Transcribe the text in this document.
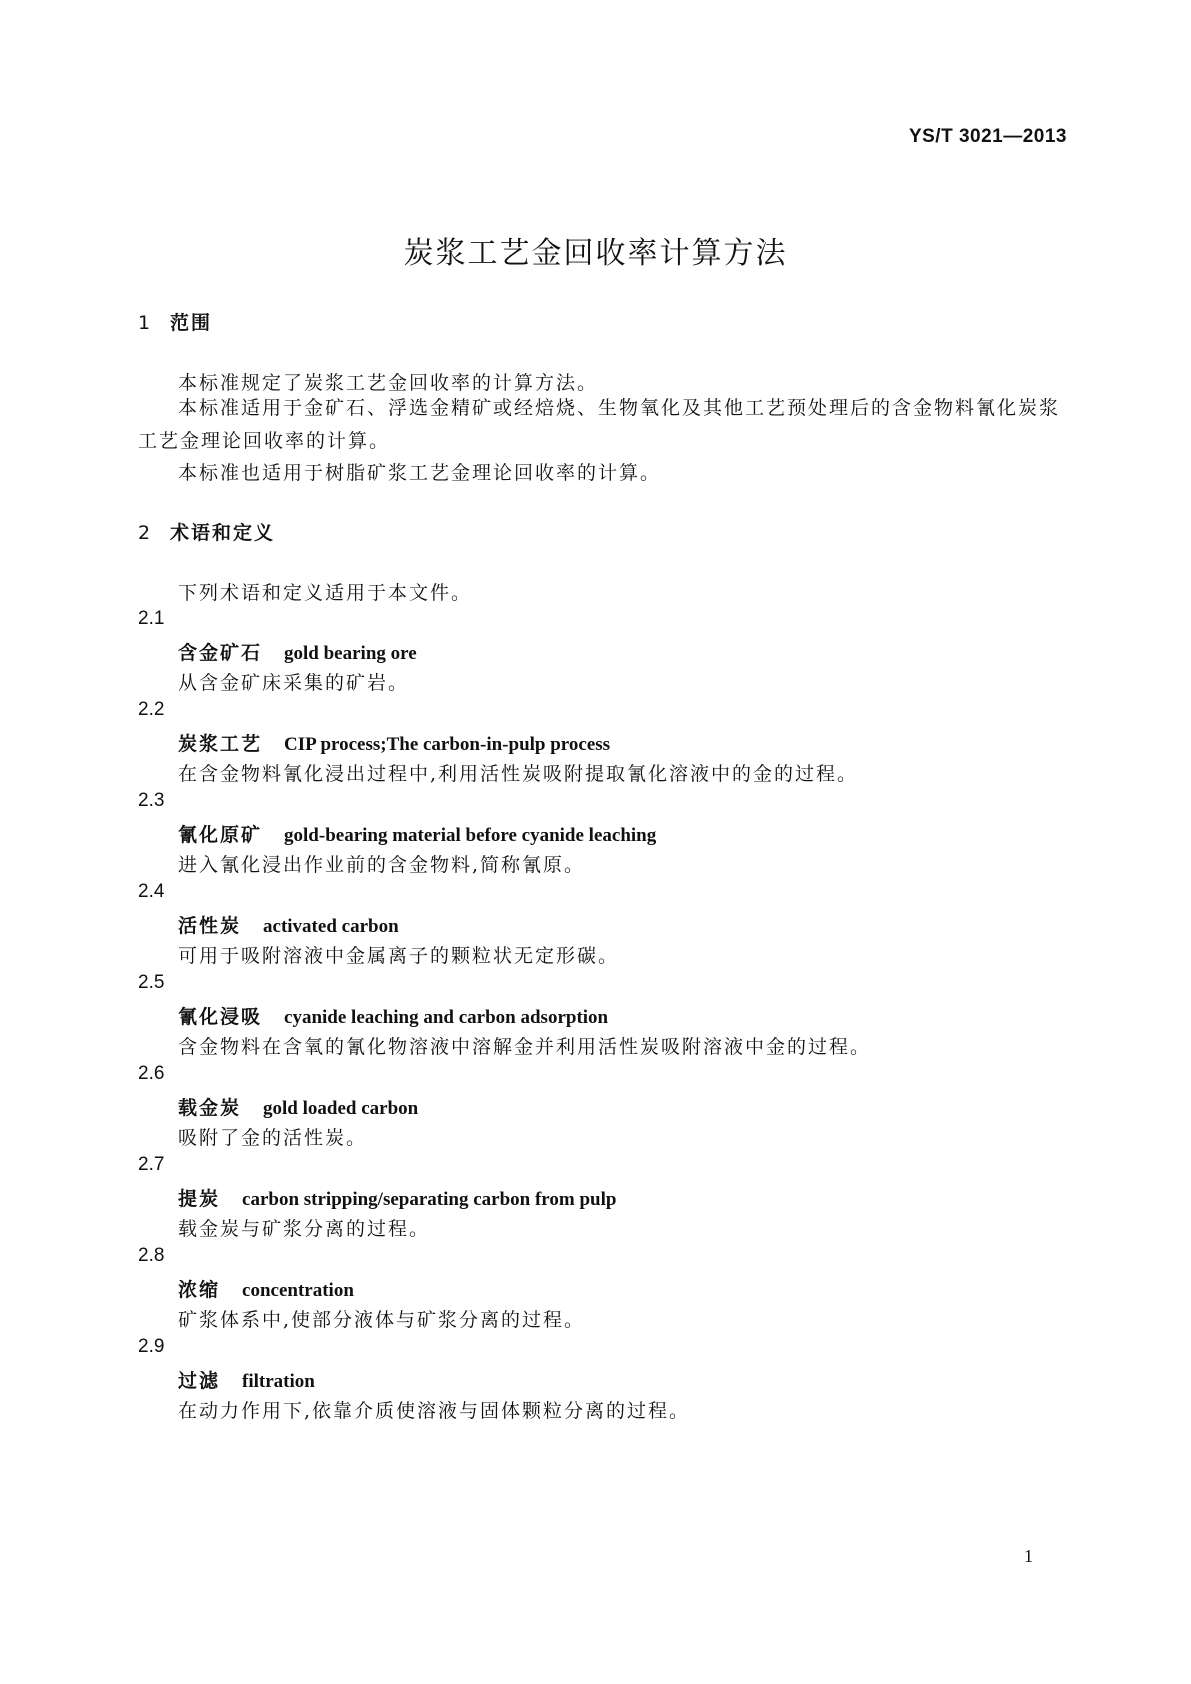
YS/T 3021—2013
炭浆工艺金回收率计算方法
1 范围
本标准规定了炭浆工艺金回收率的计算方法。
本标准适用于金矿石、浮选金精矿或经焙烧、生物氧化及其他工艺预处理后的含金物料氰化炭浆工艺金理论回收率的计算。
本标准也适用于树脂矿浆工艺金理论回收率的计算。
2 术语和定义
下列术语和定义适用于本文件。
2.1
含金矿石 gold bearing ore
从含金矿床采集的矿岩。
2.2
炭浆工艺 CIP process;The carbon-in-pulp process
在含金物料氰化浸出过程中,利用活性炭吸附提取氰化溶液中的金的过程。
2.3
氰化原矿 gold-bearing material before cyanide leaching
进入氰化浸出作业前的含金物料,简称氰原。
2.4
活性炭 activated carbon
可用于吸附溶液中金属离子的颗粒状无定形碳。
2.5
氰化浸吸 cyanide leaching and carbon adsorption
含金物料在含氧的氰化物溶液中溶解金并利用活性炭吸附溶液中金的过程。
2.6
载金炭 gold loaded carbon
吸附了金的活性炭。
2.7
提炭 carbon stripping/separating carbon from pulp
载金炭与矿浆分离的过程。
2.8
浓缩 concentration
矿浆体系中,使部分液体与矿浆分离的过程。
2.9
过滤 filtration
在动力作用下,依靠介质使溶液与固体颗粒分离的过程。
1
